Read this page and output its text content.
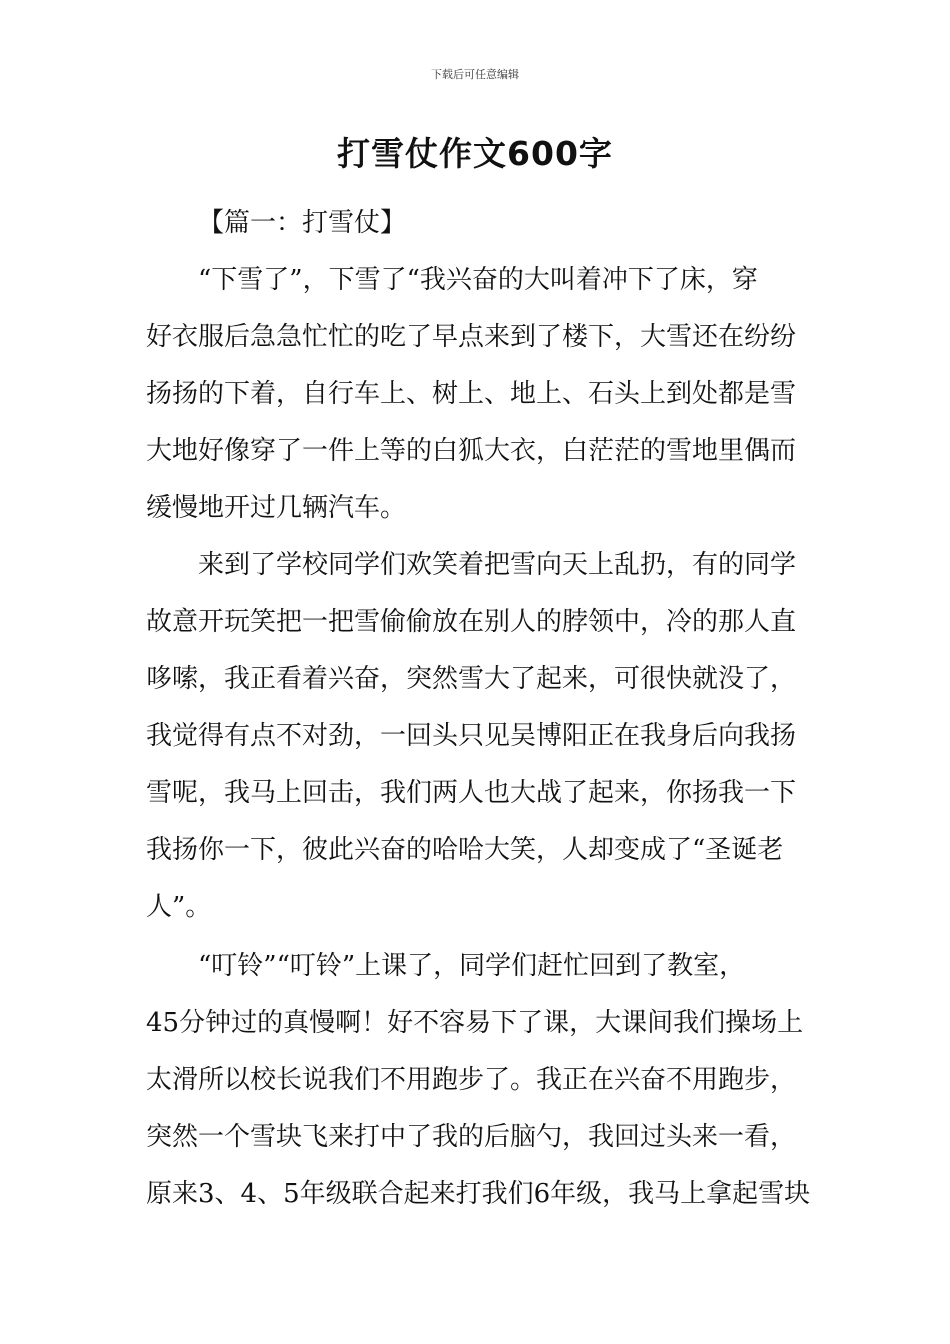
下载后可任意编辑
打雪仗作文600字
【篇一：打雪仗】
“下雪了”，下雪了“我兴奋的大叫着冲下了床，穿
好衣服后急急忙忙的吃了早点来到了楼下，大雪还在纷纷
扬扬的下着，自行车上、树上、地上、石头上到处都是雪
大地好像穿了一件上等的白狐大衣，白茫茫的雪地里偶而
缓慢地开过几辆汽车。
来到了学校同学们欢笑着把雪向天上乱扔，有的同学
故意开玩笑把一把雪偷偷放在别人的脖领中，冷的那人直
哆嗦，我正看着兴奋，突然雪大了起来，可很快就没了，
我觉得有点不对劲，一回头只见吴博阳正在我身后向我扬
雪呢，我马上回击，我们两人也大战了起来，你扬我一下
我扬你一下，彼此兴奋的哈哈大笑，人却变成了“圣诞老
人”。
“叮铃”“叮铃”上课了，同学们赶忙回到了教室，
45分钟过的真慢啊！好不容易下了课，大课间我们操场上
太滑所以校长说我们不用跑步了。我正在兴奋不用跑步，
突然一个雪块飞来打中了我的后脑勺，我回过头来一看，
原来3、4、5年级联合起来打我们6年级，我马上拿起雪块
